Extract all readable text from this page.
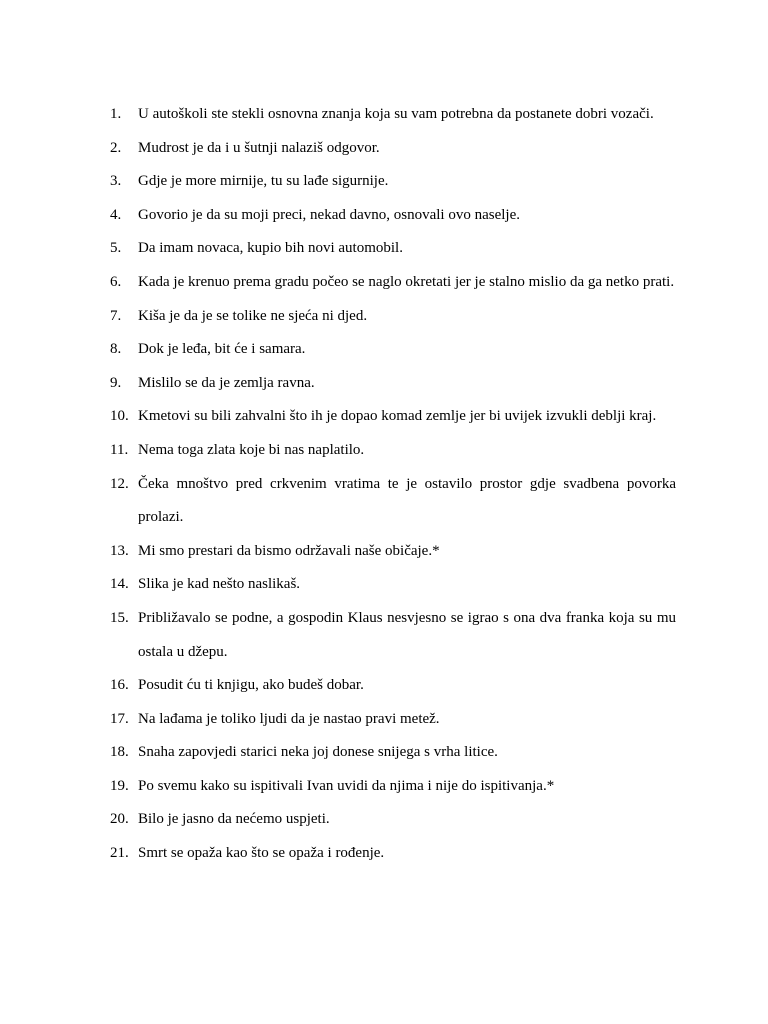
1.	U autoškoli ste stekli osnovna znanja koja su vam potrebna da postanete dobri vozači.
2.	Mudrost je da i u šutnji nalaziš odgovor.
3.	Gdje je more mirnije, tu su lađe sigurnije.
4.	Govorio je da su moji preci, nekad davno, osnovali ovo naselje.
5.	Da imam novaca, kupio bih novi automobil.
6.	Kada je krenuo prema gradu počeo se naglo okretati jer je stalno mislio da ga netko prati.
7.	Kiša je da je se tolike ne sjeća ni djed.
8.	Dok je leđa, bit će i samara.
9.	Mislilo se da je zemlja ravna.
10. Kmetovi su bili zahvalni što ih je dopao komad zemlje jer bi uvijek izvukli deblji kraj.
11. Nema toga zlata koje bi nas naplatilo.
12. Čeka mnoštvo pred crkvenim vratima te je ostavilo prostor gdje svadbena povorka prolazi.
13. Mi smo prestari da bismo održavali naše običaje.*
14. Slika je kad nešto naslikaš.
15. Približavalo se podne, a gospodin Klaus nesvjesno se igrao s ona dva franka koja su mu ostala u džepu.
16. Posudit ću ti knjigu, ako budeš dobar.
17. Na lađama je toliko ljudi da je nastao pravi metež.
18. Snaha zapovjedi starici neka joj donese snijega s vrha litice.
19. Po svemu kako su ispitivali Ivan uvidi da njima i nije do ispitivanja.*
20. Bilo je jasno da nećemo uspjeti.
21. Smrt se opaža kao što se opaža i rođenje.
